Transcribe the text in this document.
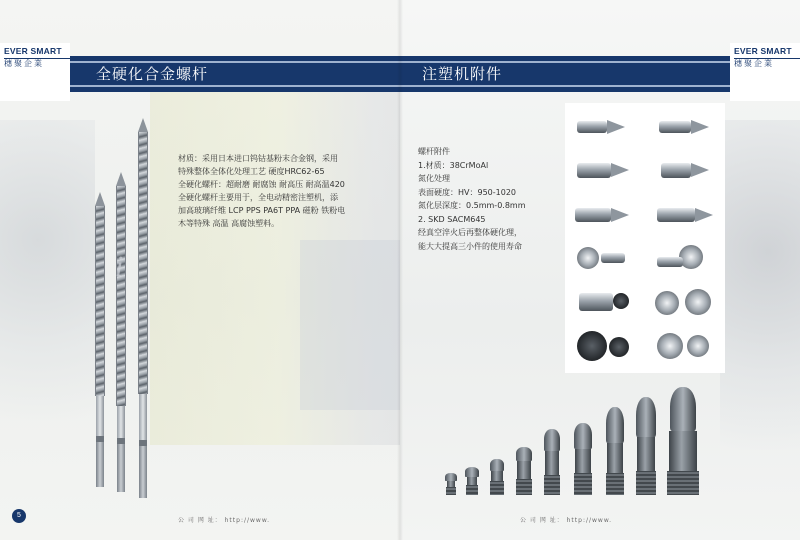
EVER SMART
穗聚企業
全硬化合金螺杆
材质：采用日本进口钨钴基粉末合金钢，采用
特殊整体全体化处理工艺 硬度HRC62-65
全硬化螺杆：超耐磨 耐腐蚀 耐高压 耐高温420
全硬化螺杆主要用于，全电动精密注塑机，添
加高玻璃纤维 LCP PPS PA6T PPA 磁粉 铁粉电
木等特殊 高温 高腐蚀塑料。
5
公 司 网 址： http://www.
注塑机附件
EVER SMART
穗聚企業
螺杆附件
1.材质：38CrMoAl
氮化处理
表面硬度：HV：950-1020
氮化层深度：0.5mm-0.8mm
2. SKD SACM645
经真空淬火后再整体硬化理，
能大大提高三小件的使用寿命
公 司 网 址： http://www.
i
